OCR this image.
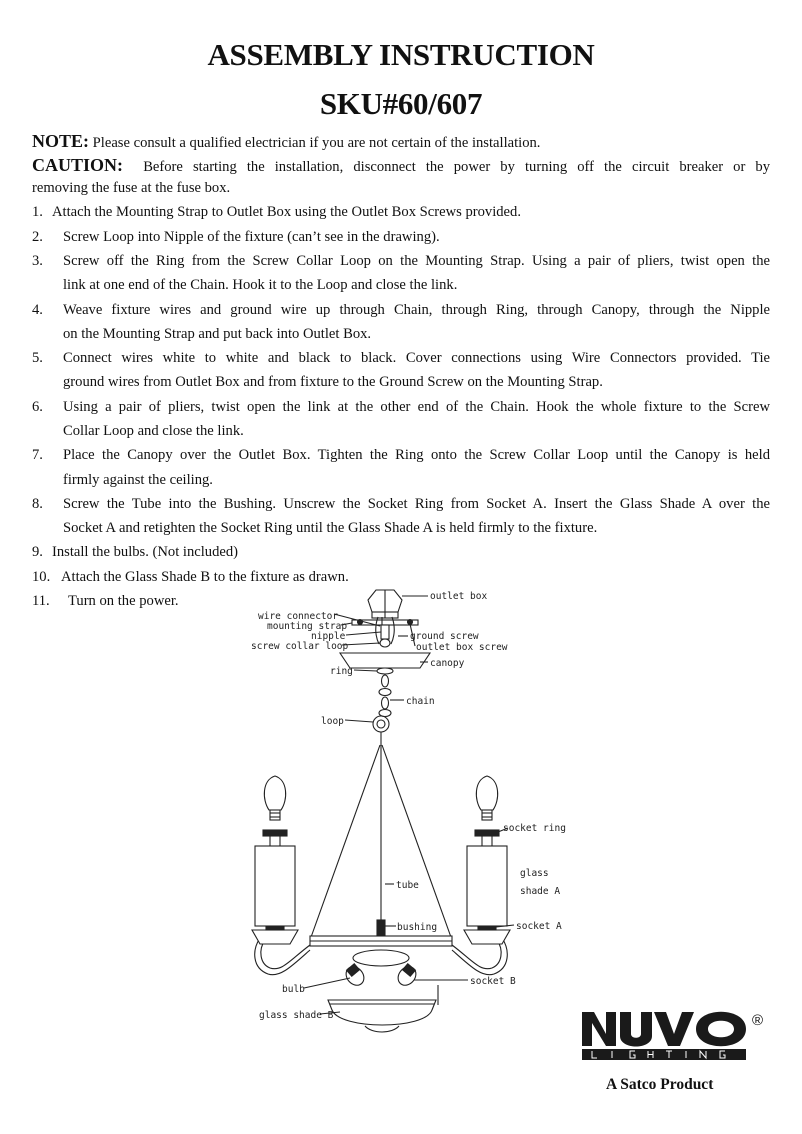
ASSEMBLY INSTRUCTION
SKU#60/607
NOTE: Please consult a qualified electrician if you are not certain of the installation.
CAUTION: Before starting the installation, disconnect the power by turning off the circuit breaker or by
removing the fuse at the fuse box.
1. Attach the Mounting Strap to Outlet Box using the Outlet Box Screws provided.
2. Screw Loop into Nipple of the fixture (can’t see in the drawing).
3. Screw off the Ring from the Screw Collar Loop on the Mounting Strap. Using a pair of pliers, twist open the
link at one end of the Chain. Hook it to the Loop and close the link.
4. Weave fixture wires and ground wire up through Chain, through Ring, through Canopy, through the Nipple
on the Mounting Strap and put back into Outlet Box.
5. Connect wires white to white and black to black. Cover connections using Wire Connectors provided. Tie
ground wires from Outlet Box and from fixture to the Ground Screw on the Mounting Strap.
6. Using a pair of pliers, twist open the link at the other end of the Chain. Hook the whole fixture to the Screw
Collar Loop and close the link.
7. Place the Canopy over the Outlet Box. Tighten the Ring onto the Screw Collar Loop until the Canopy is held
firmly against the ceiling.
8. Screw the Tube into the Bushing. Unscrew the Socket Ring from Socket A. Insert the Glass Shade A over the
Socket A and retighten the Socket Ring until the Glass Shade A is held firmly to the fixture.
9. Install the bulbs. (Not included)
10. Attach the Glass Shade B to the fixture as drawn.
11. Turn on the power.	outlet box
wire connector
mounting strap
nipple
screw collar loop
ground screw
outlet box screw
canopy
ring
chain
loop
socket ring
glass
shade A
tube
bushing	socket A
bulb
socket B
glass shade B	®
A Satco Product
